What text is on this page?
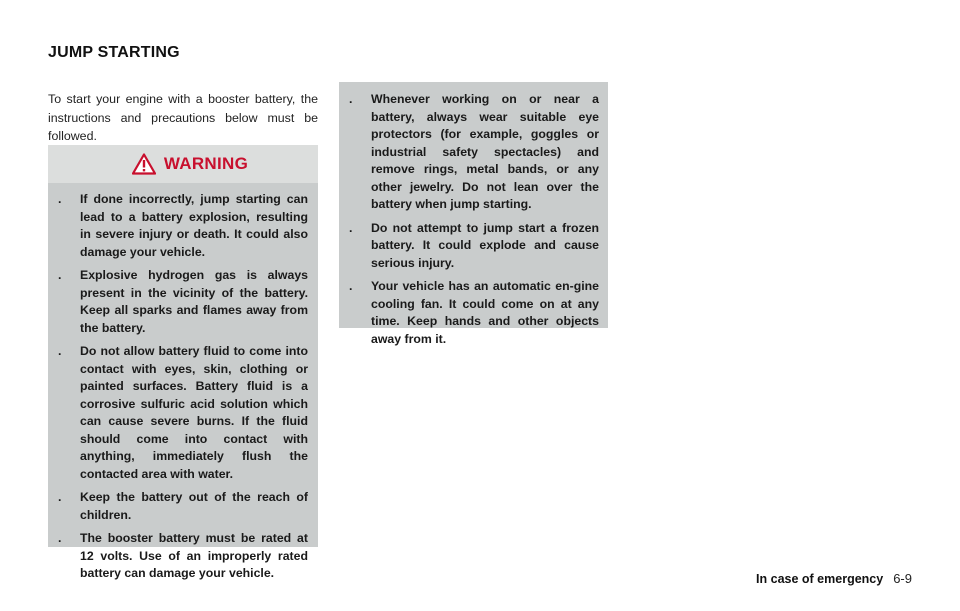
JUMP STARTING

To start your engine with a booster battery, the instructions and precautions below must be followed.

WARNING
.	If done incorrectly, jump starting can lead to a battery explosion, resulting in severe injury or death. It could also damage your vehicle.
.	Explosive hydrogen gas is always present in the vicinity of the battery. Keep all sparks and flames away from the battery.
.	Do not allow battery fluid to come into contact with eyes, skin, clothing or painted surfaces. Battery fluid is a corrosive sulfuric acid solution which can cause severe burns. If the fluid should come into contact with anything, immediately flush the contacted area with water.
.	Keep the battery out of the reach of children.
.	The booster battery must be rated at 12 volts. Use of an improperly rated battery can damage your vehicle.
.	Whenever working on or near a battery, always wear suitable eye protectors (for example, goggles or industrial safety spectacles) and remove rings, metal bands, or any other jewelry. Do not lean over the battery when jump starting.
.	Do not attempt to jump start a frozen battery. It could explode and cause serious injury.
.	Your vehicle has an automatic en-gine cooling fan. It could come on at any time. Keep hands and other objects away from it.
In case of emergency 6-9
